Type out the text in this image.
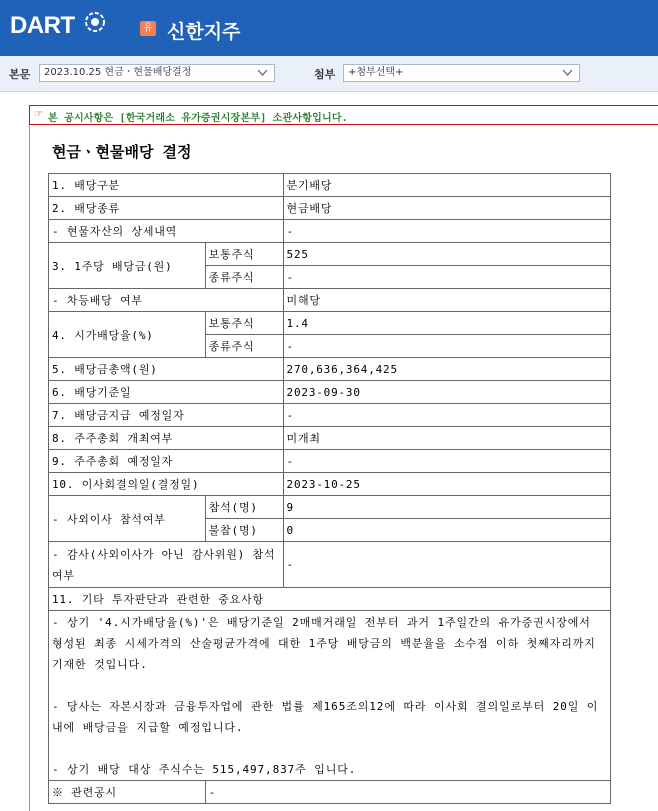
DART	유 신한지주
본문	2023.10.25 현금ㆍ현물배당결정	첨부	+첨부선택+
☞ 본 공시사항은 [한국거래소 유가증권시장본부] 소관사항입니다.
현금ㆍ현물배당 결정
1. 배당구분		분기배당
2. 배당종류		현금배당
- 현물자산의 상세내역		-
3. 1주당 배당금(원)	보통주식	525
	종류주식	-
- 차등배당 여부		미해당
4. 시가배당율(%)	보통주식	1.4
	종류주식	-
5. 배당금총액(원)		270,636,364,425
6. 배당기준일		2023-09-30
7. 배당금지급 예정일자		-
8. 주주총회 개최여부		미개최
9. 주주총회 예정일자		-
10. 이사회결의일(결정일)		2023-10-25
- 사외이사 참석여부	참석(명)	9
	불참(명)	0
- 감사(사외이사가 아닌 감사위원) 참석여부		-
11. 기타 투자판단과 관련한 중요사항		

- 상기 '4.시가배당율(%)'은 배당기준일 2매매거래일 전부터 과거 1주일간의 유가증권시장에서 형성된 최종 시세가격의 산술평균가격에 대한 1주당 배당금의 백분율을 소수점 이하 첫째자리까지 기재한 것입니다.
- 당사는 자본시장과 금융투자업에 관한 법률 제165조의12에 따라 이사회 결의일로부터 20일 이내에 배당금을 지급할 예정입니다.
- 상기 배당 대상 주식수는 515,497,837주 입니다.		

※ 관련공시	-	
